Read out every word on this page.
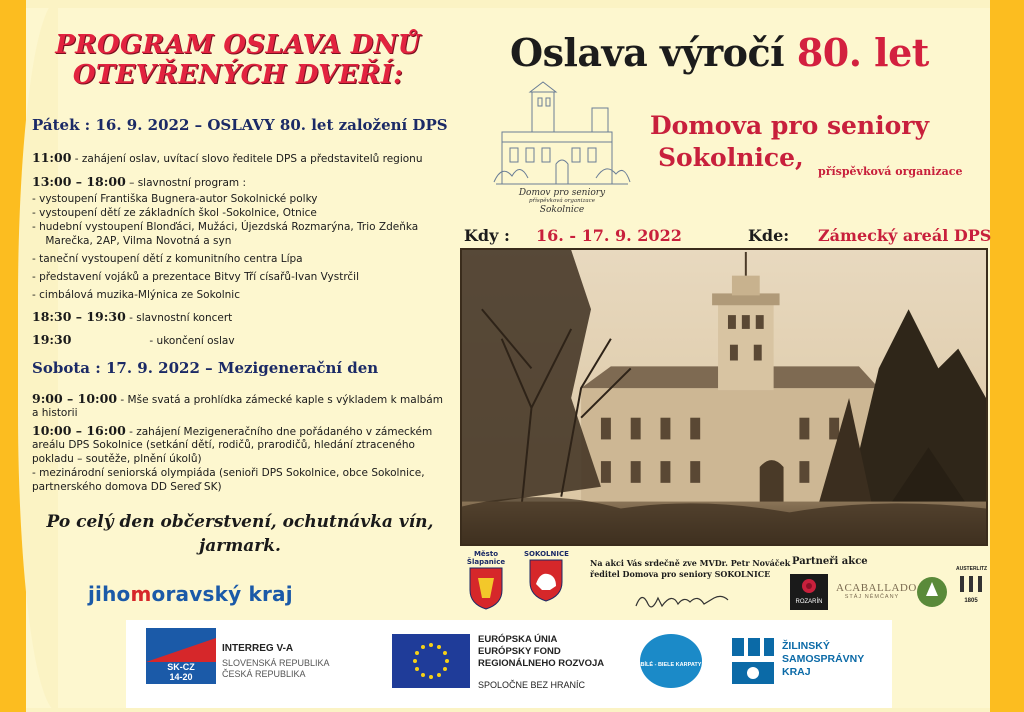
PROGRAM OSLAVA DNŮ
OTEVŘENÝCH DVEŘÍ:
Pátek : 16. 9. 2022 – OSLAVY 80. let založení DPS
11:00 - zahájení oslav, uvítací slovo ředitele DPS a představitelů regionu
13:00 – 18:00 – slavnostní program :
- vystoupení Františka Bugnera-autor Sokolnické polky
- vystoupení dětí ze základních škol -Sokolnice, Otnice
- hudební vystoupení Blonďáci, Mužáci, Újezdská Rozmarýna, Trio Zdeňka
Marečka, 2AP, Vilma Novotná a syn
- taneční vystoupení dětí z komunitního centra Lípa
- představení vojáků a prezentace Bitvy Tří císařů-Ivan Vystrčil
- cimbálová muzika-Mlýnica ze Sokolnic
18:30 – 19:30 - slavnostní koncert
19:30	- ukončení oslav
Sobota : 17. 9. 2022 – Mezigenerační den
9:00 – 10:00 - Mše svatá a prohlídka zámecké kaple s výkladem k malbám
a historii
10:00 – 16:00 - zahájení Mezigeneračního dne pořádaného v zámeckém
areálu DPS Sokolnice (setkání dětí, rodičů, prarodičů, hledání ztraceného
pokladu – soutěže, plnění úkolů)
- mezinárodní seniorská olympiáda (senioři DPS Sokolnice, obce Sokolnice,
partnerského domova DD Sereď SK)
Po celý den občerstvení, ochutnávka vín,
jarmark.
jihomoravský kraj
Oslava výročí 80. let
Domov pro seniory
příspěvková organizace
Sokolnice
Domova pro seniory
Sokolnice,	příspěvková organizace
Kdy : 16. - 17. 9. 2022	Kde: Zámecký areál DPS
Město Šlapanice
SOKOLNICE
Na akci Vás srdečně zve MVDr. Petr Nováček
ředitel Domova pro seniory SOKOLNICE
Partneři akce
ROZARÍN
ACABALLADO
STÁJ NĚMČANY
AUSTERLITZ
1805
SK-CZ
14-20
INTERREG V-A
SLOVENSKÁ REPUBLIKA
ČESKÁ REPUBLIKA
EURÓPSKA ÚNIA
EURÓPSKY FOND
REGIONÁLNEHO ROZVOJA
SPOLOČNE BEZ HRANÍC
BÍLÉ - BIELE KARPATY
ŽILINSKÝ
SAMOSPRÁVNY
KRAJ
